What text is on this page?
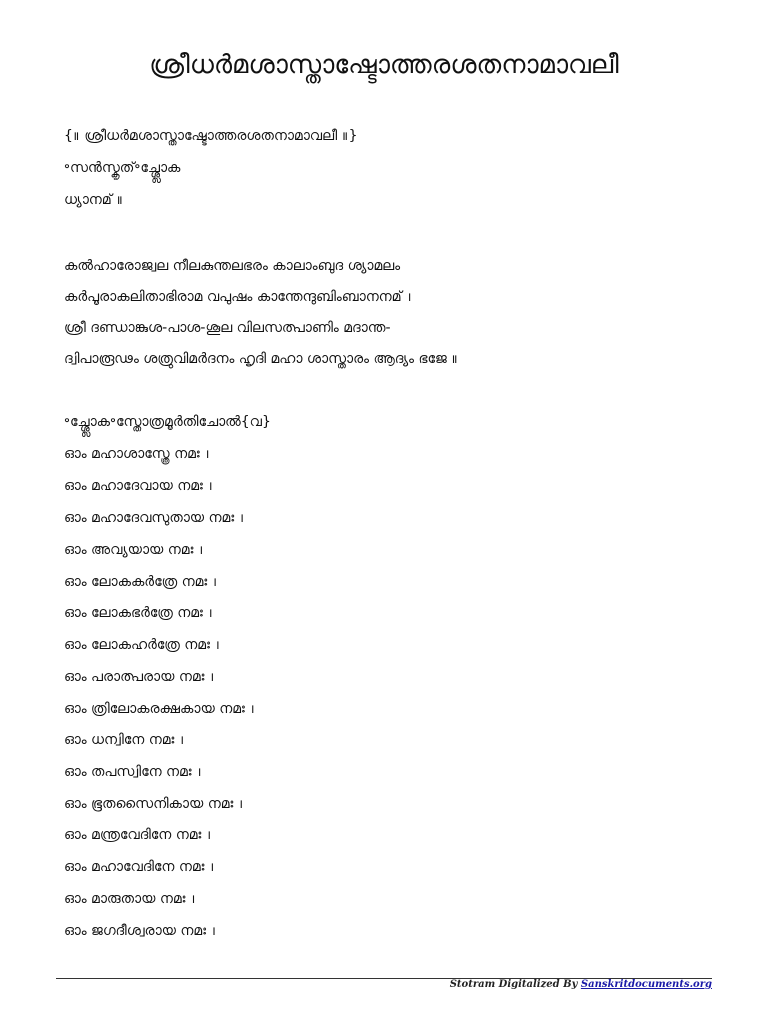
ശ്രീധർമശാസ്താഷ്ടോത്തരശതനാമാവലീ
{॥ ശ്രീധർമശാസ്താഷ്ടോത്തരശതനാമാവലീ ॥}
॰സൻസ്കൃത്॰ച്ശ്ലോക
ധ്യാനമ് ॥
കൽഹാരോജ്വല നീലകുന്തലഭരം കാലാംബുദ ശ്യാമലം
കർപൂരാകലിതാഭിരാമ വപുഷം കാന്തേന്ദുബിംബാനനമ് ।
ശ്രീ ദണ്ഡാങ്കുശ-പാശ-ശൂല വിലസത്പാണിം മദാന്ത-
ദ്വിപാരൂഢം ശത്രുവിമർദനം ഹൃദി മഹാ ശാസ്താരം ആദ്യം ഭജേ ॥
॰ച്ശ്ലോക॰സ്തോത്രമൂർതിചോൽ{വ}
ഓം മഹാശാസ്ത്രേ നമഃ ।
ഓം മഹാദേവായ നമഃ ।
ഓം മഹാദേവസുതായ നമഃ ।
ഓം അവ്യയായ നമഃ ।
ഓം ലോകകർത്രേ നമഃ ।
ഓം ലോകഭർത്രേ നമഃ ।
ഓം ലോകഹർത്രേ നമഃ ।
ഓം പരാത്പരായ നമഃ ।
ഓം ത്രിലോകരക്ഷകായ നമഃ ।
ഓം ധന്വിനേ നമഃ ।
ഓം തപസ്വിനേ നമഃ ।
ഓം ഭൂതസൈനികായ നമഃ ।
ഓം മന്ത്രവേദിനേ നമഃ ।
ഓം മഹാവേദിനേ നമഃ ।
ഓം മാരുതായ നമഃ ।
ഓം ജഗദീശ്വരായ നമഃ ।
Stotram Digitalized By Sanskritdocuments.org
